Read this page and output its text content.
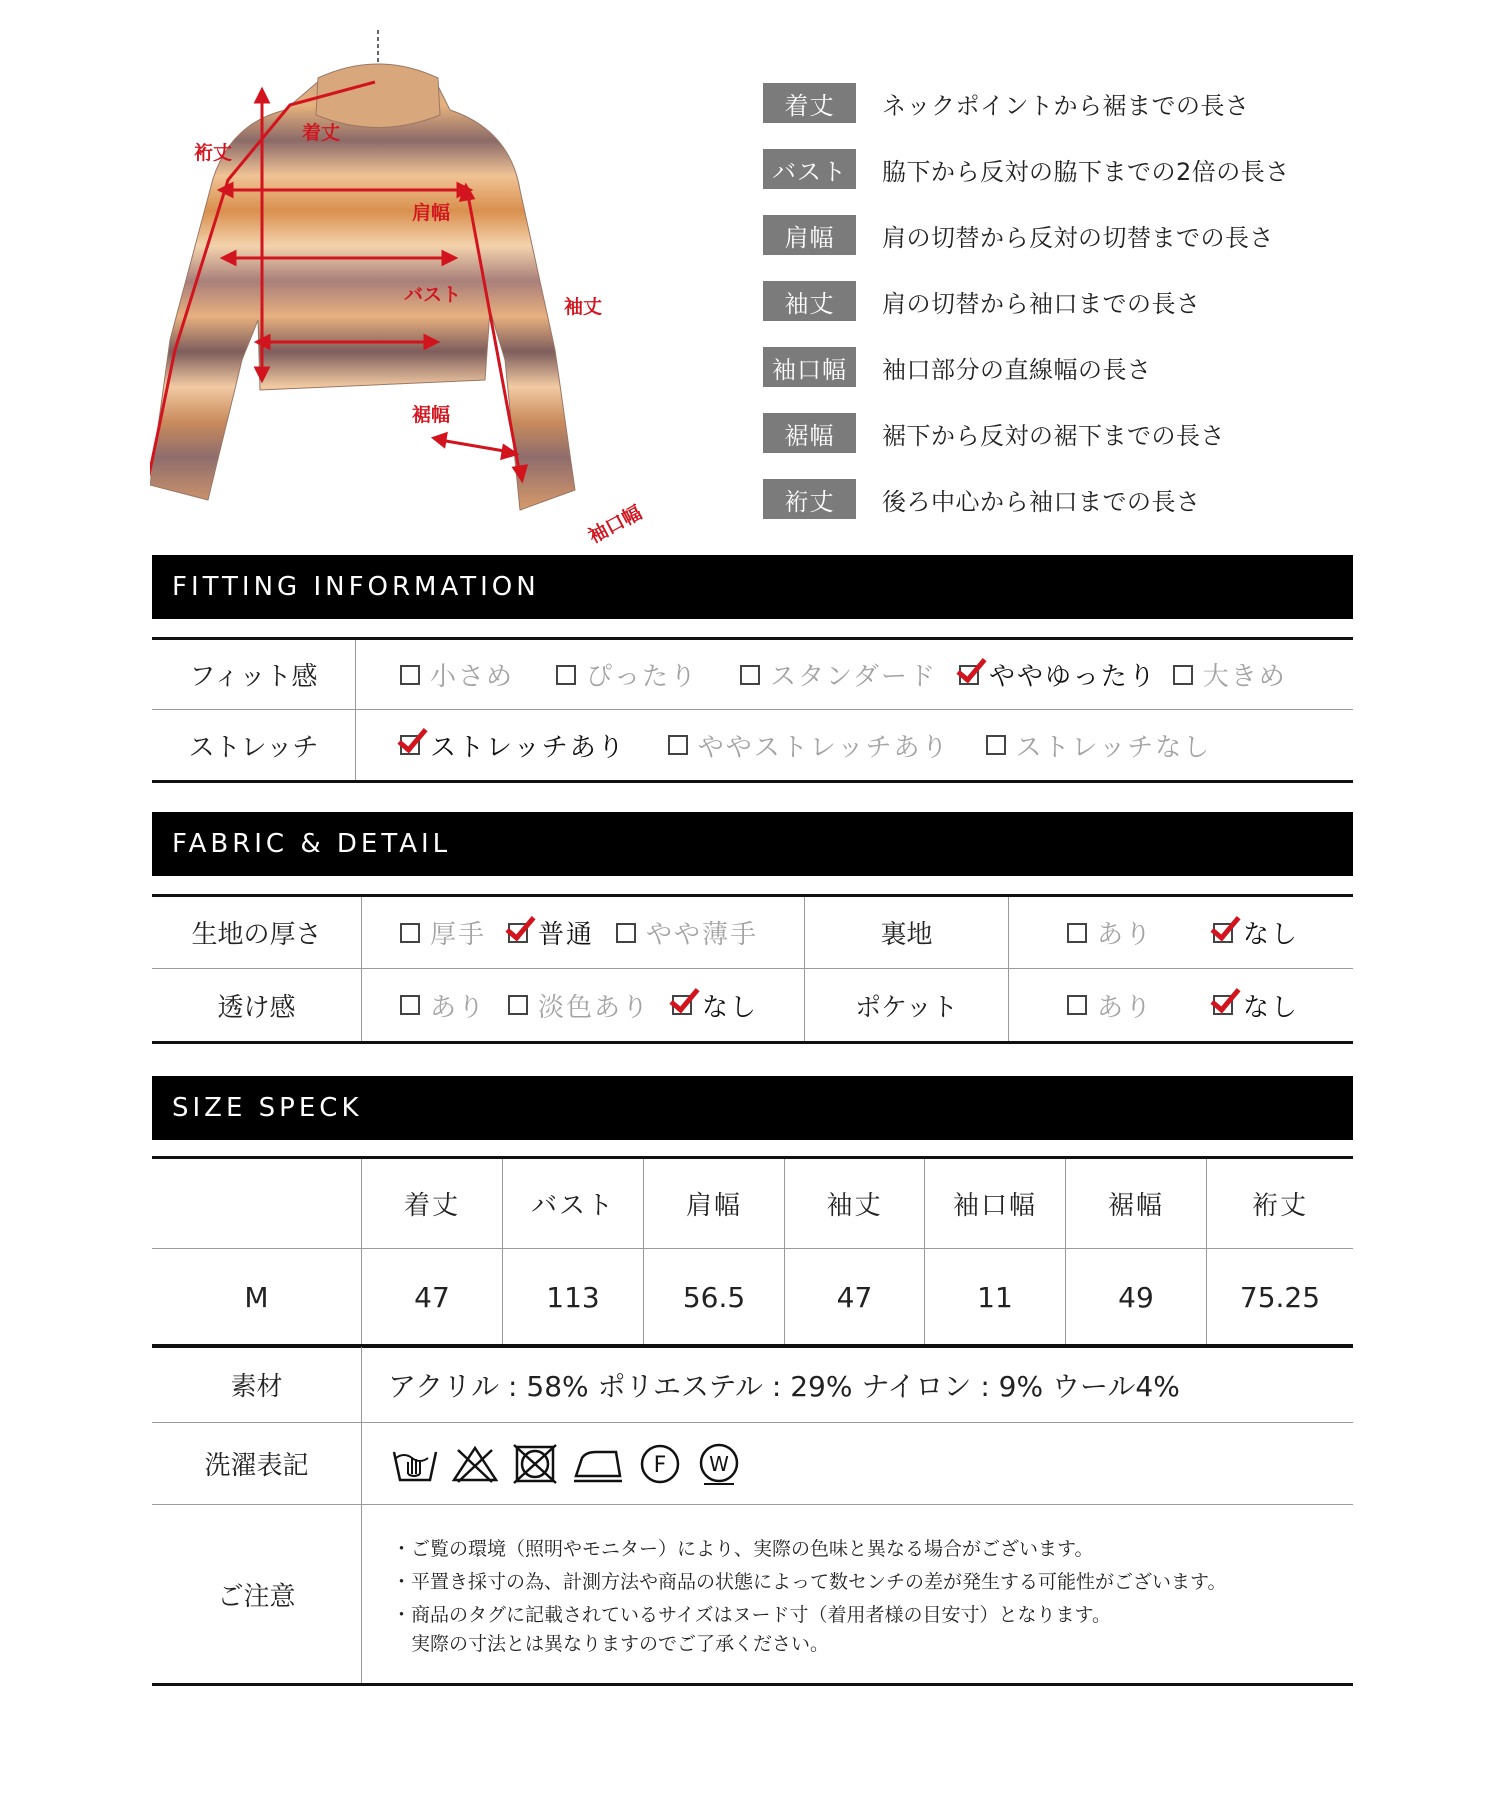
裄丈
着丈
肩幅
バスト
袖丈
裾幅
袖口幅
着丈	ネックポイントから裾までの長さ
バスト	脇下から反対の脇下までの2倍の長さ
肩幅	肩の切替から反対の切替までの長さ
袖丈	肩の切替から袖口までの長さ
袖口幅	袖口部分の直線幅の長さ
裾幅	裾下から反対の裾下までの長さ
裄丈	後ろ中心から袖口までの長さ
FITTING INFORMATION
フィット感	小さめ	ぴったり	スタンダード ややゆったり 大きめ
ストレッチ	ストレッチあり	ややストレッチあり	ストレッチなし
FABRIC & DETAIL
生地の厚さ	厚手 普通 やや薄手	裏地	あり	なし
透け感	あり 淡色あり なし	ポケット	あり	なし
SIZE SPECK
着丈	バスト	肩幅	袖丈	袖口幅	裾幅	裄丈
M	47	113	56.5	47	11	49	75.25
素材	アクリル : 58% ポリエステル : 29% ナイロン : 9% ウール4%
洗濯表記	F W
ご注意
・ご覧の環境（照明やモニター）により、実際の色味と異なる場合がございます。
・平置き採寸の為、計測方法や商品の状態によって数センチの差が発生する可能性がございます。
・商品のタグに記載されているサイズはヌード寸（着用者様の目安寸）となります。
　実際の寸法とは異なりますのでご了承ください。
